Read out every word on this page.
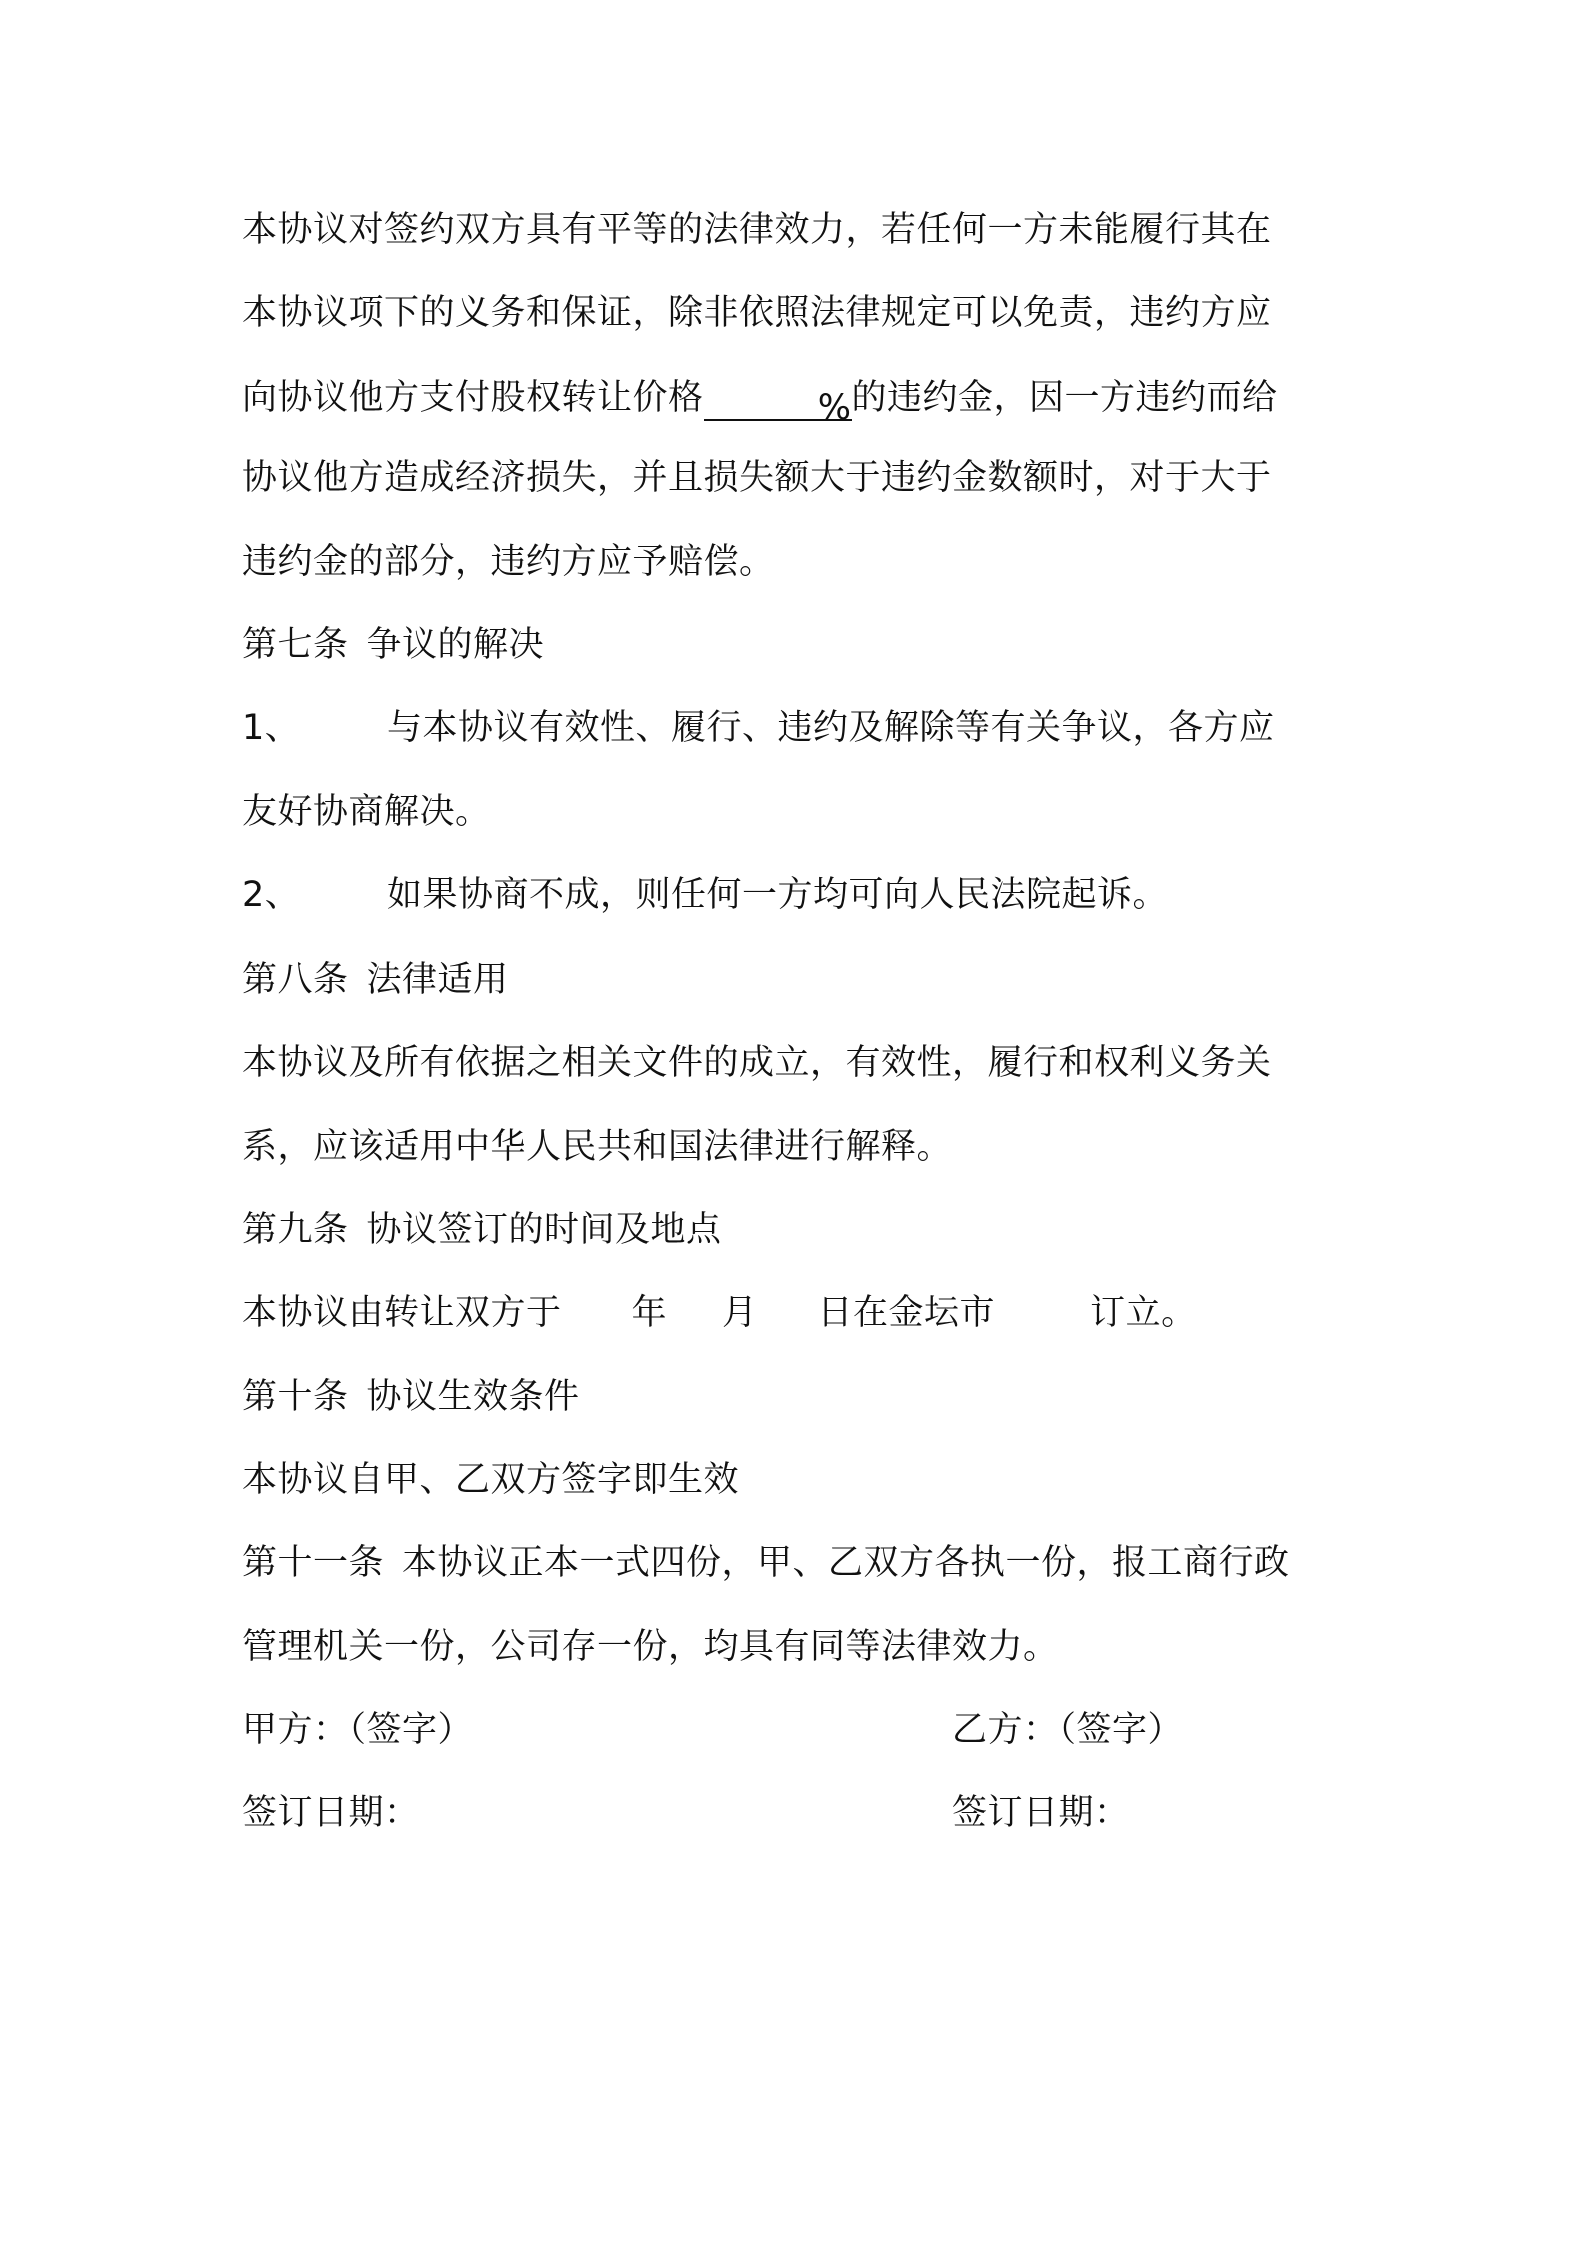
本协议对签约双方具有平等的法律效力，若任何一方未能履行其在
本协议项下的义务和保证，除非依照法律规定可以免责，违约方应
向协议他方支付股权转让价格	%的违约金，因一方违约而给
协议他方造成经济损失，并且损失额大于违约金数额时，对于大于
违约金的部分，违约方应予赔偿。
第七条 争议的解决
1、 与本协议有效性、履行、违约及解除等有关争议，各方应
友好协商解决。
2、 如果协商不成，则任何一方均可向人民法院起诉。
第八条 法律适用
本协议及所有依据之相关文件的成立，有效性，履行和权利义务关
系，应该适用中华人民共和国法律进行解释。
第九条 协议签订的时间及地点
本协议由转让双方于 年 月 日在金坛市	订立。
第十条 协议生效条件
本协议自甲、乙双方签字即生效
第十一条 本协议正本一式四份，甲、乙双方各执一份，报工商行政
管理机关一份，公司存一份，均具有同等法律效力。
甲方：（签字）	乙方：（签字）
签订日期：	签订日期：
